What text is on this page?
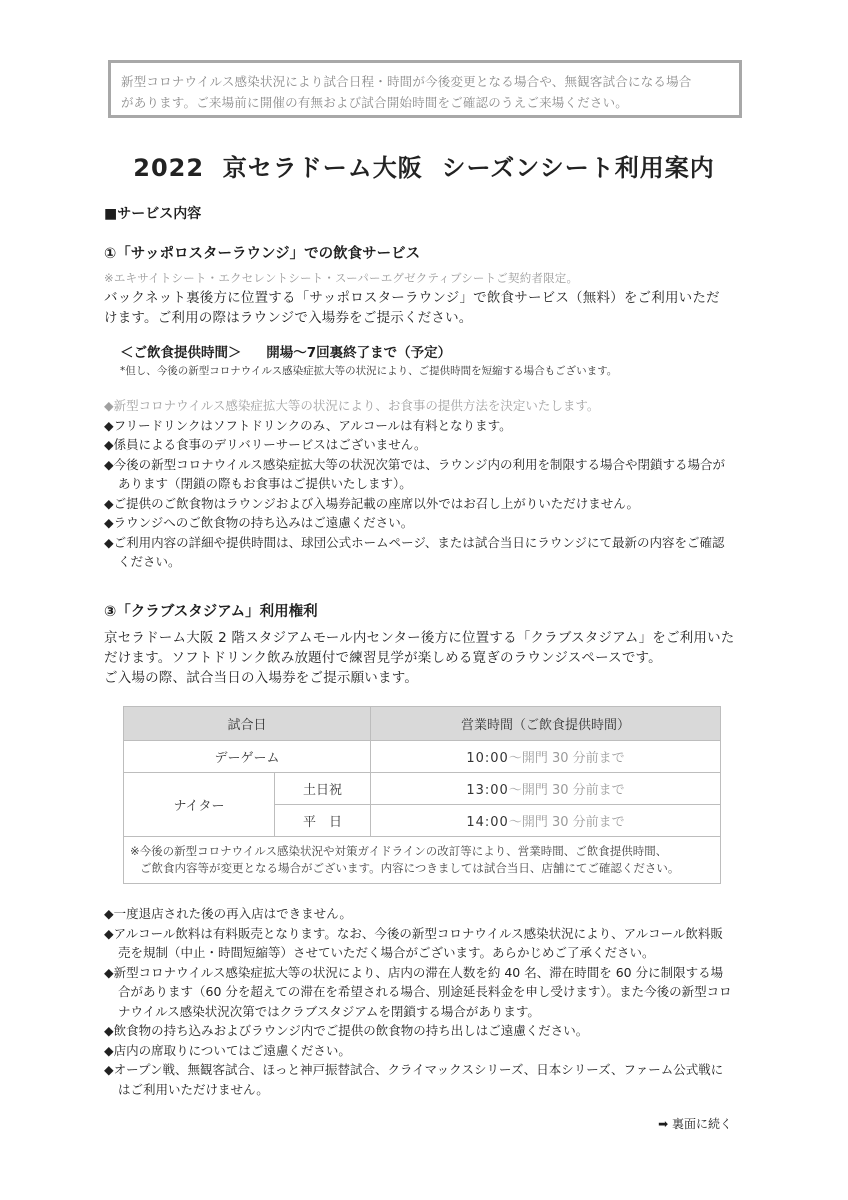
新型コロナウイルス感染状況により試合日程・時間が今後変更となる場合や、無観客試合になる場合
があります。ご来場前に開催の有無および試合開始時間をご確認のうえご来場ください。
2022  京セラドーム大阪  シーズンシート利用案内
■サービス内容
①「サッポロスターラウンジ」での飲食サービス
※エキサイトシート・エクセレントシート・スーパーエグゼクティブシートご契約者限定。
バックネット裏後方に位置する「サッポロスターラウンジ」で飲食サービス（無料）をご利用いただ
けます。ご利用の際はラウンジで入場券をご提示ください。
＜ご飲食提供時間＞ 開場～7回裏終了まで（予定）
*但し、今後の新型コロナウイルス感染症拡大等の状況により、ご提供時間を短縮する場合もございます。
◆新型コロナウイルス感染症拡大等の状況により、お食事の提供方法を決定いたします。
◆フリードリンクはソフトドリンクのみ、アルコールは有料となります。
◆係員による食事のデリバリーサービスはございません。
◆今後の新型コロナウイルス感染症拡大等の状況次第では、ラウンジ内の利用を制限する場合や閉鎖する場合があります（閉鎖の際もお食事はご提供いたします）。
◆ご提供のご飲食物はラウンジおよび入場券記載の座席以外ではお召し上がりいただけません。
◆ラウンジへのご飲食物の持ち込みはご遠慮ください。
◆ご利用内容の詳細や提供時間は、球団公式ホームページ、または試合当日にラウンジにて最新の内容をご確認ください。
③「クラブスタジアム」利用権利
京セラドーム大阪 2 階スタジアムモール内センター後方に位置する「クラブスタジアム」をご利用いた
だけます。ソフトドリンク飲み放題付で練習見学が楽しめる寛ぎのラウンジスペースです。
ご入場の際、試合当日の入場券をご提示願います。
試合日		営業時間（ご飲食提供時間）
デーゲーム		10:00～開門 30 分前まで
ナイター	土日祝	13:00～開門 30 分前まで
	平　日	14:00～開門 30 分前まで

※今後の新型コロナウイルス感染状況や対策ガイドラインの改訂等により、営業時間、ご飲食提供時間、
ご飲食内容等が変更となる場合がございます。内容につきましては試合当日、店舗にてご確認ください。		
◆一度退店された後の再入店はできません。
◆アルコール飲料は有料販売となります。なお、今後の新型コロナウイルス感染状況により、アルコール飲料販売を規制（中止・時間短縮等）させていただく場合がございます。あらかじめご了承ください。
◆新型コロナウイルス感染症拡大等の状況により、店内の滞在人数を約 40 名、滞在時間を 60 分に制限する場合があります（60 分を超えての滞在を希望される場合、別途延長料金を申し受けます）。また今後の新型コロナウイルス感染状況次第ではクラブスタジアムを閉鎖する場合があります。
◆飲食物の持ち込みおよびラウンジ内でご提供の飲食物の持ち出しはご遠慮ください。
◆店内の席取りについてはご遠慮ください。
◆オープン戦、無観客試合、ほっと神戸振替試合、クライマックスシリーズ、日本シリーズ、ファーム公式戦にはご利用いただけません。
➡ 裏面に続く
